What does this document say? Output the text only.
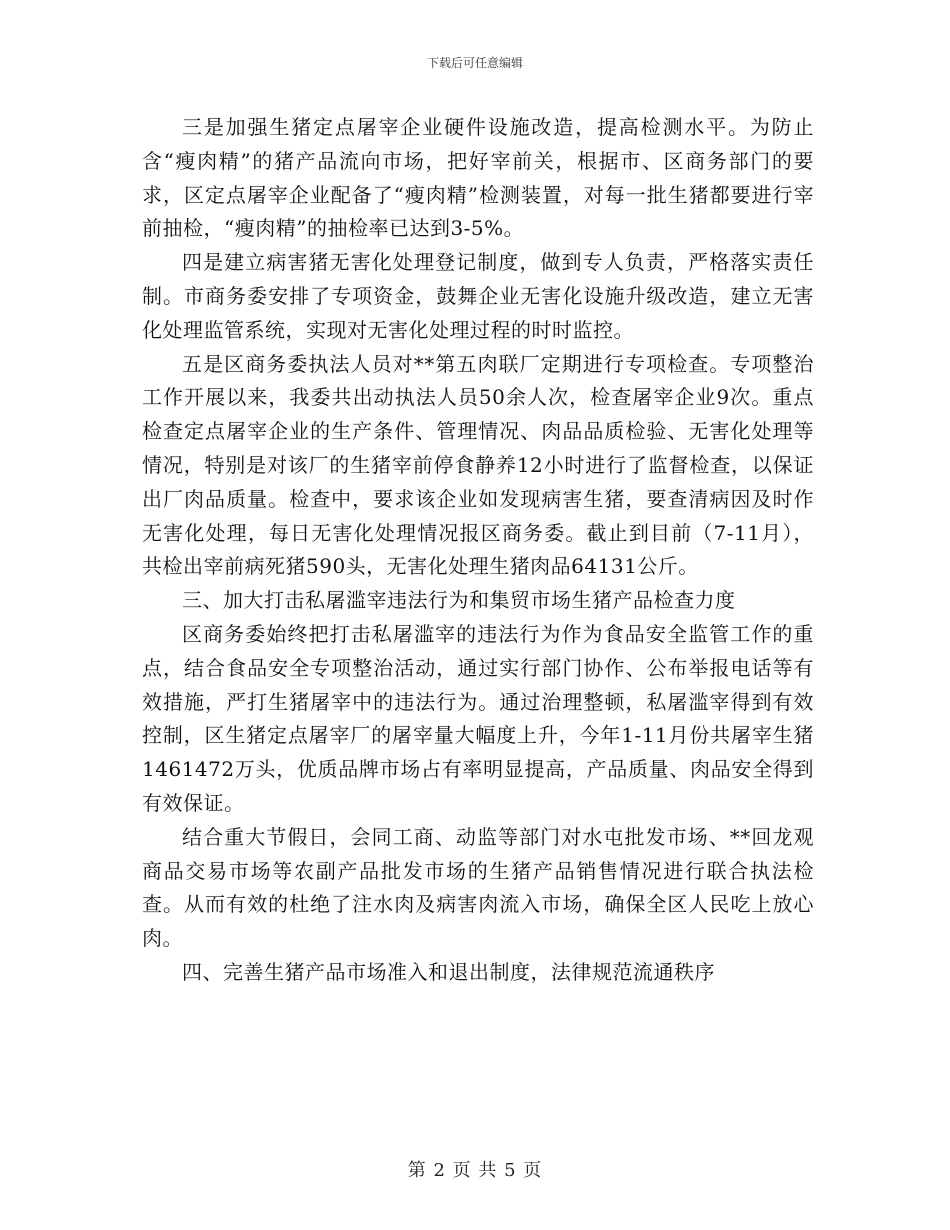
下载后可任意编辑

三是加强生猪定点屠宰企业硬件设施改造，提高检测水平。为防止含“瘦肉精”的猪产品流向市场，把好宰前关，根据市、区商务部门的要求，区定点屠宰企业配备了“瘦肉精”检测装置，对每一批生猪都要进行宰前抽检，“瘦肉精”的抽检率已达到3-5%。

四是建立病害猪无害化处理登记制度，做到专人负责，严格落实责任制。市商务委安排了专项资金，鼓舞企业无害化设施升级改造，建立无害化处理监管系统，实现对无害化处理过程的时时监控。

五是区商务委执法人员对**第五肉联厂定期进行专项检查。专项整治工作开展以来，我委共出动执法人员50余人次，检查屠宰企业9次。重点检查定点屠宰企业的生产条件、管理情况、肉品品质检验、无害化处理等情况，特别是对该厂的生猪宰前停食静养12小时进行了监督检查，以保证出厂肉品质量。检查中，要求该企业如发现病害生猪，要查清病因及时作无害化处理，每日无害化处理情况报区商务委。截止到目前（7-11月），共检出宰前病死猪590头，无害化处理生猪肉品64131公斤。

三、加大打击私屠滥宰违法行为和集贸市场生猪产品检查力度

区商务委始终把打击私屠滥宰的违法行为作为食品安全监管工作的重点，结合食品安全专项整治活动，通过实行部门协作、公布举报电话等有效措施，严打生猪屠宰中的违法行为。通过治理整顿，私屠滥宰得到有效控制，区生猪定点屠宰厂的屠宰量大幅度上升，今年1-11月份共屠宰生猪1461472万头，优质品牌市场占有率明显提高，产品质量、肉品安全得到有效保证。

结合重大节假日，会同工商、动监等部门对水屯批发市场、**回龙观商品交易市场等农副产品批发市场的生猪产品销售情况进行联合执法检查。从而有效的杜绝了注水肉及病害肉流入市场，确保全区人民吃上放心肉。

四、完善生猪产品市场准入和退出制度，法律规范流通秩序

第 2 页 共 5 页
